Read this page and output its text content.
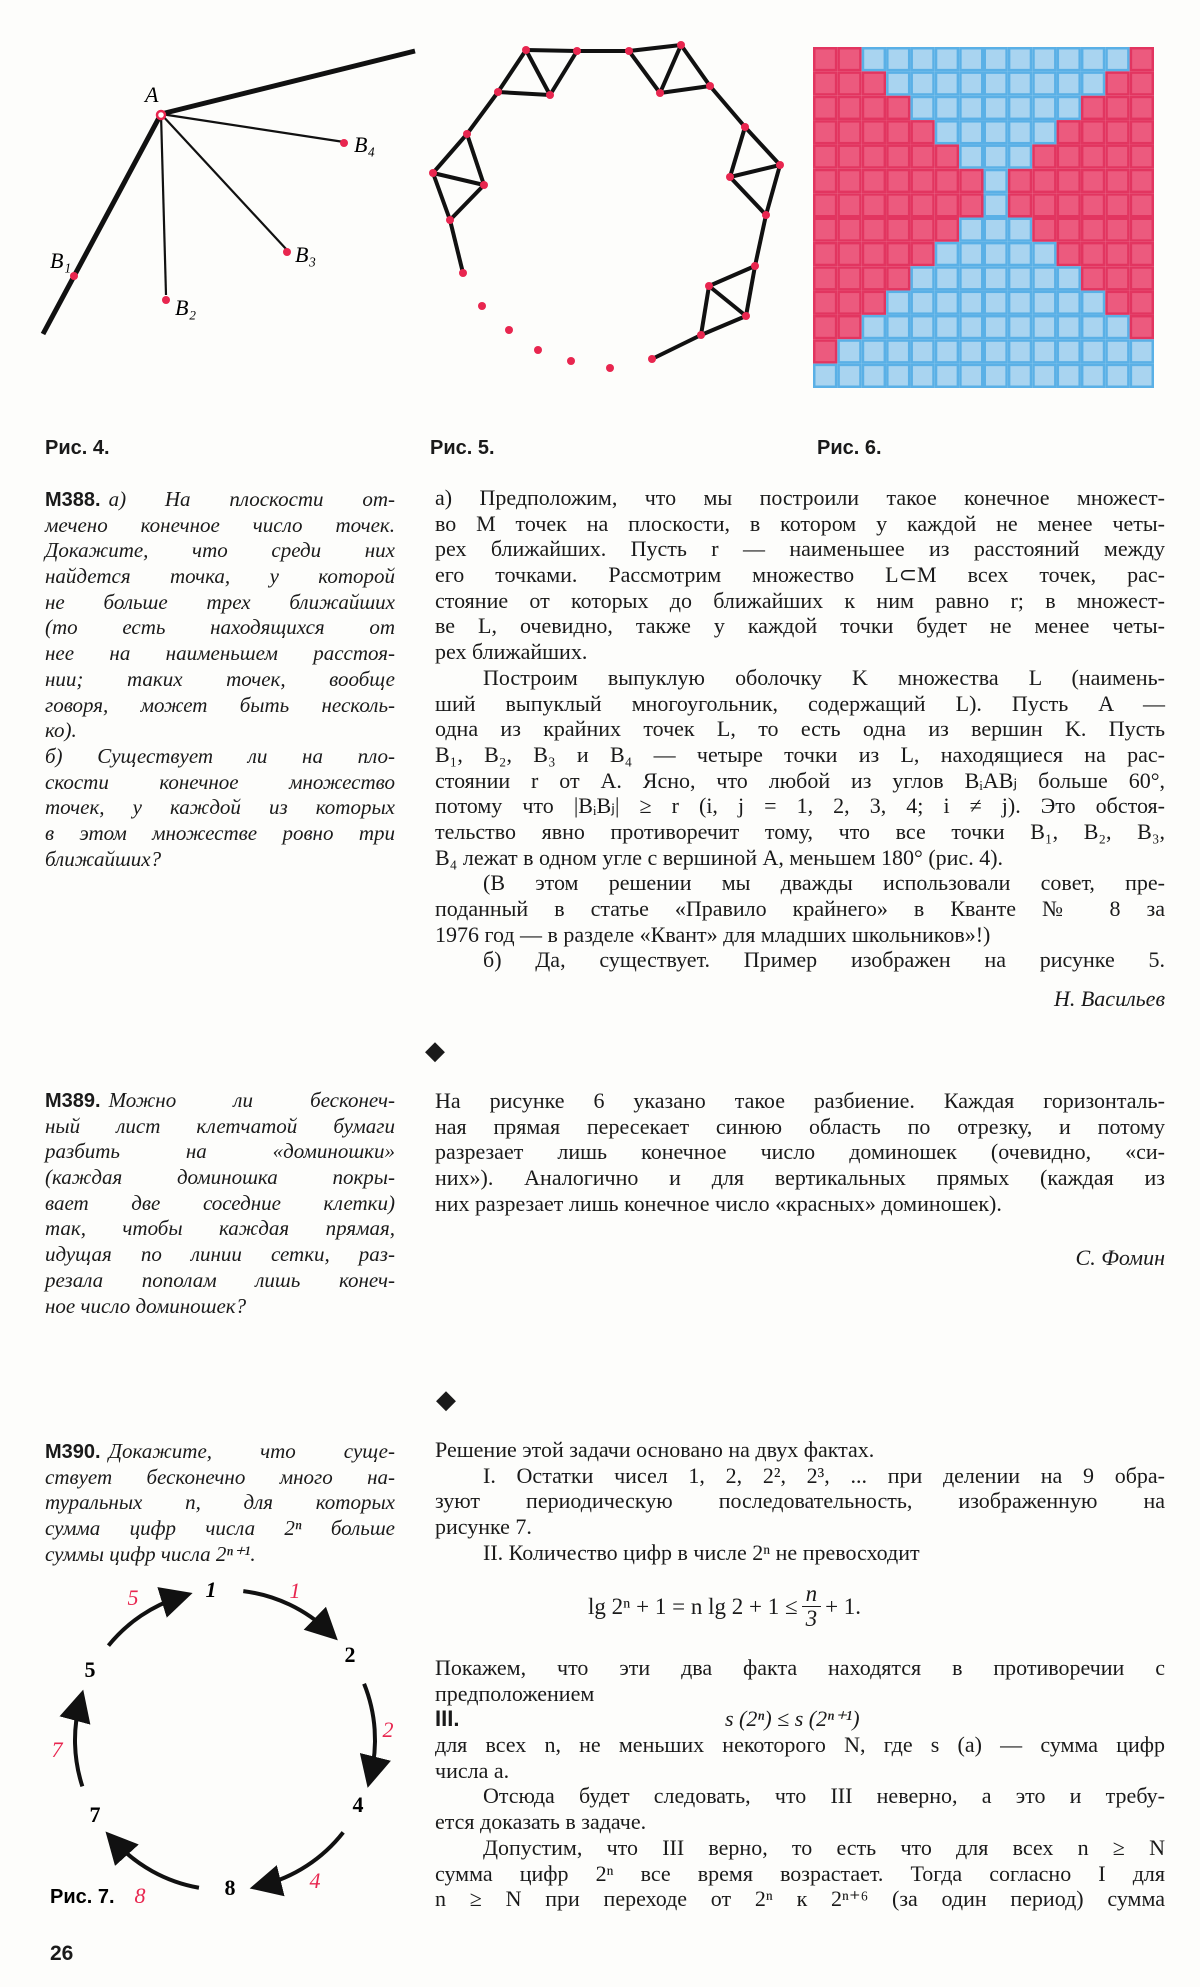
A
B₄
B₃
B₂
B₁
Рис. 4.	Рис. 5.	Рис. 6.
M388. а) На плоскости от-
мечено конечное число точек.
Докажите, что среди них
найдется точка, у которой
не больше трех ближайших
(то есть находящихся от
нее на наименьшем расстоя-
нии; таких точек, вообще
говоря, может быть несколь-
ко).
б) Существует ли на пло-
скости конечное множество
точек, у каждой из которых
в этом множестве ровно три
ближайших?
а) Предположим, что мы построили такое конечное множест-
во M точек на плоскости, в котором у каждой не менее четы-
рех ближайших. Пусть r — наименьшее из расстояний между
его точками. Рассмотрим множество L⊂M всех точек, рас-
стояние от которых до ближайших к ним равно r; в множест-
ве L, очевидно, также у каждой точки будет не менее четы-
рех ближайших.
Построим выпуклую оболочку K множества L (наимень-
ший выпуклый многоугольник, содержащий L). Пусть A —
одна из крайних точек L, то есть одна из вершин K. Пусть
B₁, B₂, B₃ и B₄ — четыре точки из L, находящиеся на рас-
стоянии r от A. Ясно, что любой из углов BᵢABⱼ больше 60°,
потому что |BᵢBⱼ| ≥ r (i, j = 1, 2, 3, 4; i ≠ j). Это обстоя-
тельство явно противоречит тому, что все точки B₁, B₂, B₃,
B₄ лежат в одном угле с вершиной A, меньшем 180° (рис. 4).
(В этом решении мы дважды использовали совет, пре-
поданный в статье «Правило крайнего» в Кванте № 8 за
1976 год — в разделе «Квант» для младших школьников»!)
б) Да, существует. Пример изображен на рисунке 5.
Н. Васильев
◆
M389. Можно ли бесконеч-
ный лист клетчатой бумаги
разбить на «доминошки»
(каждая доминошка покры-
вает две соседние клетки)
так, чтобы каждая прямая,
идущая по линии сетки, раз-
резала пополам лишь конеч-
ное число доминошек?
На рисунке 6 указано такое разбиение. Каждая горизонталь-
ная прямая пересекает синюю область по отрезку, и потому
разрезает лишь конечное число доминошек (очевидно, «си-
них»). Аналогично и для вертикальных прямых (каждая из
них разрезает лишь конечное число «красных» доминошек).
С. Фомин
◆
M390. Докажите, что суще-
ствует бесконечно много на-
туральных n, для которых
сумма цифр числа 2ⁿ больше
суммы цифр числа 2ⁿ⁺¹.
Решение этой задачи основано на двух фактах.
I. Остатки чисел 1, 2, 2², 2³, ... при делении на 9 обра-
зуют периодическую последовательность, изображенную на
рисунке 7.
II. Количество цифр в числе 2ⁿ не превосходит
lg 2ⁿ + 1 = n $\lg 2 + 1 \le \frac{n}{3} + 1$.
Покажем, что эти два факта находятся в противоречии с
предположением
III.	s (2ⁿ) ≤ s (2ⁿ⁺¹)
для всех n, не меньших некоторого N, где s (a) — сумма цифр
числа a.
Отсюда будет следовать, что III неверно, а это и требу-
ется доказать в задаче.
Допустим, что III верно, то есть что для всех n ≥ N
сумма цифр 2ⁿ все время возрастает. Тогда согласно I для
n ≥ N при переходе от 2ⁿ к 2ⁿ⁺⁶ (за один период) сумма
Рис. 7.
1
2
4
8
7
5
1
2
4
8
7
5
26
